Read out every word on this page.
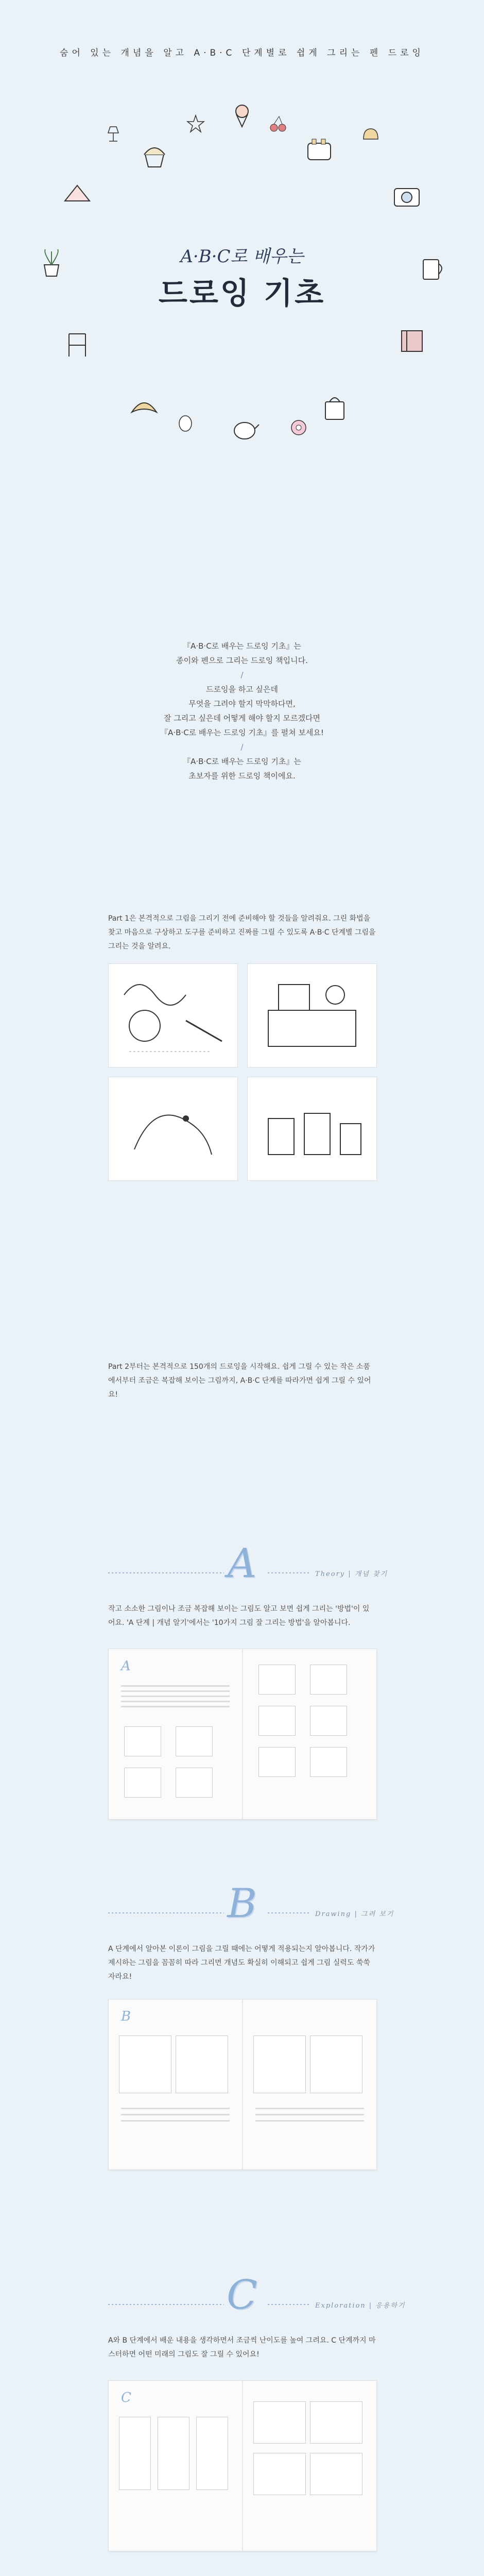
숨어 있는 개념을 알고 A·B·C 단계별로 쉽게 그리는 펜 드로잉
A·B·C로 배우는
드로잉 기초
『A·B·C로 배우는 드로잉 기초』는
종이와 펜으로 그리는 드로잉 책입니다.
/
드로잉을 하고 싶은데
무엇을 그려야 할지 막막하다면,
잘 그리고 싶은데 어떻게 해야 할지 모르겠다면
『A·B·C로 배우는 드로잉 기초』를 펼쳐 보세요!
/
『A·B·C로 배우는 드로잉 기초』는
초보자를 위한 드로잉 책이에요.
Part 1은 본격적으로 그림을 그리기 전에 준비해야 할 것들을 알려줘요. 그린 화법을 찾고 마음으로 구상하고 도구를 준비하고 진짜를 그릴 수 있도록 A·B·C 단계별 그림을 그리는 것을 알려요.
Part 2부터는 본격적으로 150개의 드로잉을 시작해요. 쉽게 그릴 수 있는 작은 소품에서부터 조금은 복잡해 보이는 그림까지, A·B·C 단계를 따라가면 쉽게 그릴 수 있어요!
A	Theory | 개념 찾기
작고 소소한 그림이나 조금 복잡해 보이는 그림도 알고 보면 쉽게 그리는 '방법'이 있어요. 'A 단계 | 개념 알기'에서는 '10가지 그림 잘 그리는 방법'을 알아봅니다.
A
B	Drawing | 그려 보기
A 단계에서 알아본 이론이 그림을 그릴 때에는 어떻게 적용되는지 알아봅니다. 작가가 제시하는 그림을 꼼꼼히 따라 그리면 개념도 확실히 이해되고 쉽게 그림 실력도 쑥쑥 자라요!
B
C	Exploration | 응용하기
A와 B 단계에서 배운 내용을 생각하면서 조금씩 난이도를 높여 그려요. C 단계까지 마스터하면 어떤 미래의 그림도 잘 그릴 수 있어요!
C
